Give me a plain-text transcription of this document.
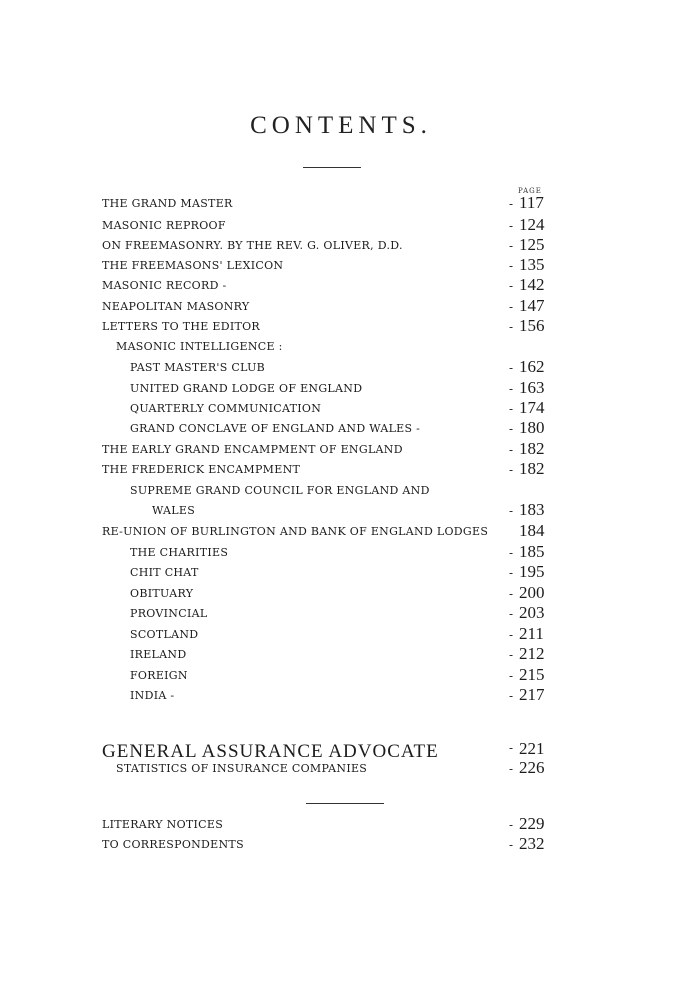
CONTENTS.
PAGE
THE GRAND MASTER	- 117
MASONIC REPROOF	- 124
ON FREEMASONRY. BY THE REV. G. OLIVER, D.D.	- 125
THE FREEMASONS' LEXICON	- 135
MASONIC RECORD -	- 142
NEAPOLITAN MASONRY	- 147
LETTERS TO THE EDITOR	- 156
MASONIC INTELLIGENCE :
PAST MASTER'S CLUB	- 162
UNITED GRAND LODGE OF ENGLAND	- 163
QUARTERLY COMMUNICATION	- 174
GRAND CONCLAVE OF ENGLAND AND WALES -	- 180
THE EARLY GRAND ENCAMPMENT OF ENGLAND	- 182
THE FREDERICK ENCAMPMENT	- 182
SUPREME GRAND COUNCIL FOR ENGLAND AND
WALES	- 183
RE-UNION OF BURLINGTON AND BANK OF ENGLAND LODGES 184
THE CHARITIES	- 185
CHIT CHAT	- 195
OBITUARY	- 200
PROVINCIAL	- 203
SCOTLAND	- 211
IRELAND	- 212
FOREIGN	- 215
INDIA -	- 217
GENERAL ASSURANCE ADVOCATE	- 221
STATISTICS OF INSURANCE COMPANIES	- 226
LITERARY NOTICES	- 229
TO CORRESPONDENTS	- 232
